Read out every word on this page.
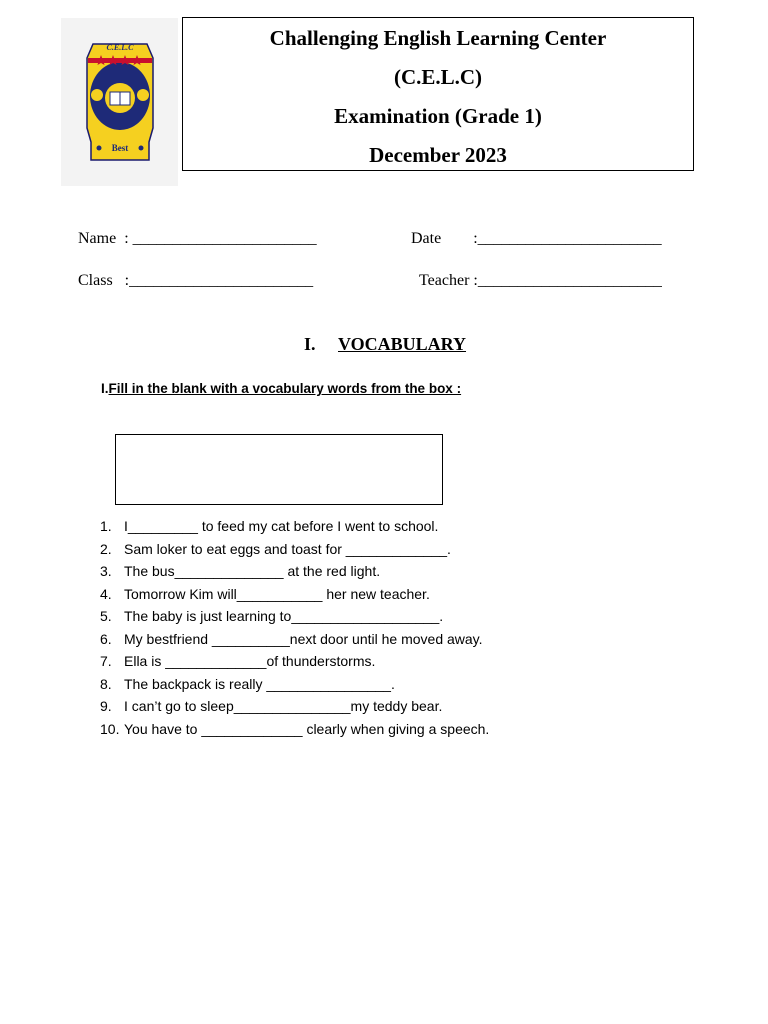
C.E.L.C
Best
Challenging English Learning Center
(C.E.L.C)
Examination (Grade 1)
December 2023
Name  : _______________________	Date        :_______________________
Class   :_______________________	Teacher :_______________________
I. VOCABULARY
I.Fill in the blank with a vocabulary words from the box :
1. I_________ to feed my cat before I went to school.
2. Sam loker to eat eggs and toast for _____________.
3. The bus______________ at the red light.
4. Tomorrow Kim will___________ her new teacher.
5. The baby is just learning to___________________.
6. My bestfriend __________next door until he moved away.
7. Ella is _____________of thunderstorms.
8. The backpack is really ________________.
9. I can’t go to sleep_______________my teddy bear.
10. You have to _____________ clearly when giving a speech.
